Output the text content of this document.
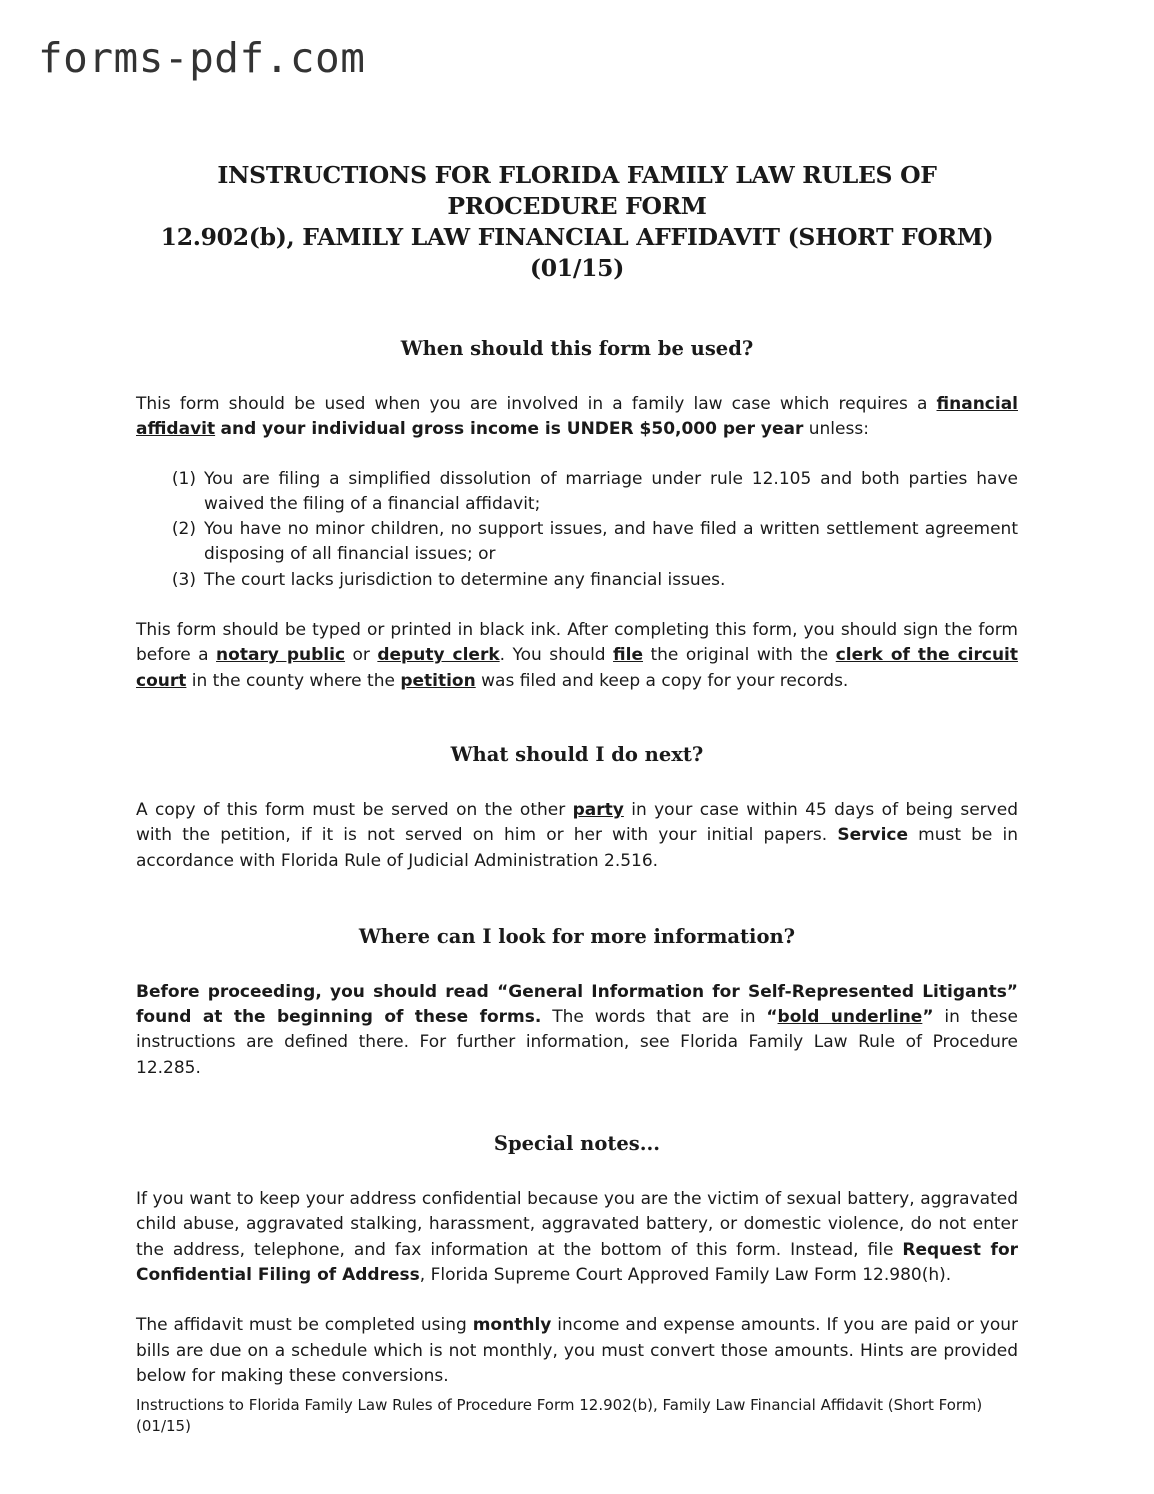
forms-pdf.com
INSTRUCTIONS FOR FLORIDA FAMILY LAW RULES OF PROCEDURE FORM
12.902(b), FAMILY LAW FINANCIAL AFFIDAVIT (SHORT FORM) (01/15)
When should this form be used?

This form should be used when you are involved in a family law case which requires a financial affidavit and your individual gross income is UNDER $50,000 per year unless:

(1) You are filing a simplified dissolution of marriage under rule 12.105 and both parties have waived the filing of a financial affidavit;
(2) You have no minor children, no support issues, and have filed a written settlement agreement disposing of all financial issues; or
(3) The court lacks jurisdiction to determine any financial issues.

This form should be typed or printed in black ink. After completing this form, you should sign the form before a notary public or deputy clerk. You should file the original with the clerk of the circuit court in the county where the petition was filed and keep a copy for your records.

What should I do next?

A copy of this form must be served on the other party in your case within 45 days of being served with the petition, if it is not served on him or her with your initial papers. Service must be in accordance with Florida Rule of Judicial Administration 2.516.

Where can I look for more information?

Before proceeding, you should read “General Information for Self-Represented Litigants” found at the beginning of these forms. The words that are in “bold underline” in these instructions are defined there. For further information, see Florida Family Law Rule of Procedure 12.285.

Special notes...

If you want to keep your address confidential because you are the victim of sexual battery, aggravated child abuse, aggravated stalking, harassment, aggravated battery, or domestic violence, do not enter the address, telephone, and fax information at the bottom of this form. Instead, file Request for Confidential Filing of Address, Florida Supreme Court Approved Family Law Form 12.980(h).

The affidavit must be completed using monthly income and expense amounts. If you are paid or your bills are due on a schedule which is not monthly, you must convert those amounts. Hints are provided below for making these conversions.

Instructions to Florida Family Law Rules of Procedure Form 12.902(b), Family Law Financial Affidavit (Short Form) (01/15)
